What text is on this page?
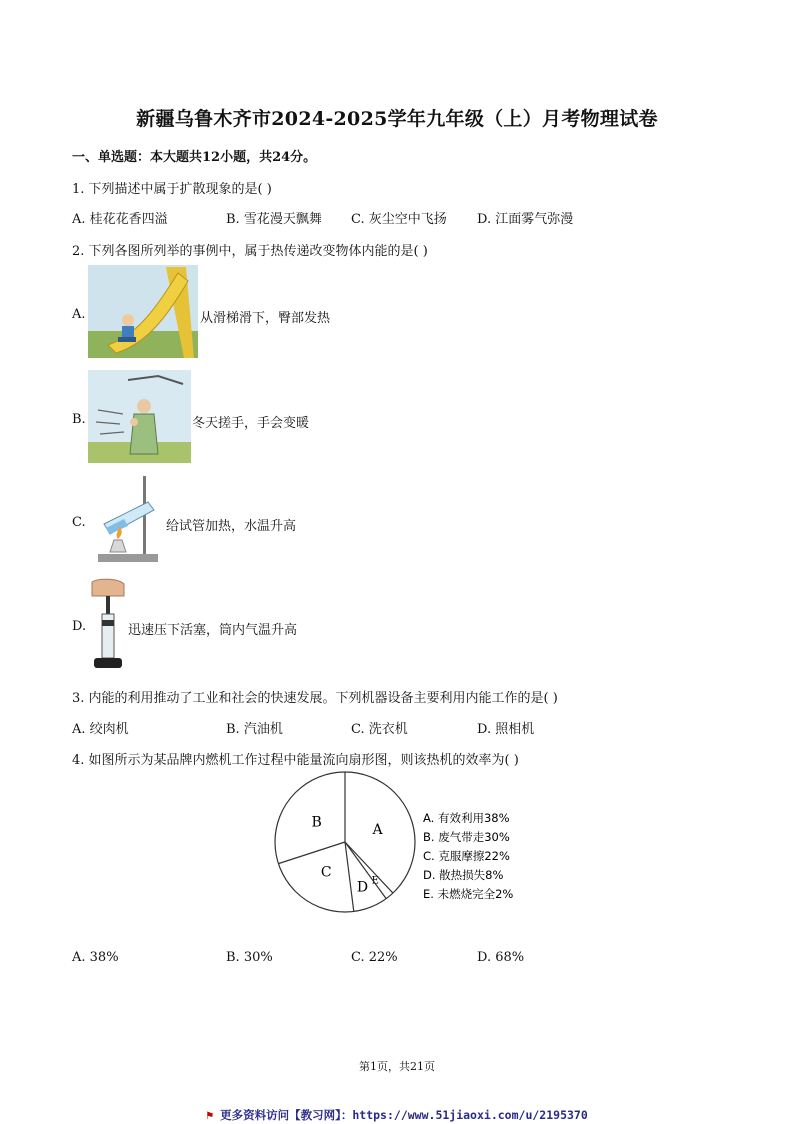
新疆乌鲁木齐市2024-2025学年九年级（上）月考物理试卷
一、单选题：本大题共12小题，共24分。
1. 下列描述中属于扩散现象的是( )
A. 桂花花香四溢	B. 雪花漫天飘舞 C. 灰尘空中飞扬 D. 江面雾气弥漫
2. 下列各图所列举的事例中，属于热传递改变物体内能的是( )
A.	从滑梯滑下，臀部发热
B.	冬天搓手，手会变暖
C.	给试管加热，水温升高
D.	迅速压下活塞，筒内气温升高
3. 内能的利用推动了工业和社会的快速发展。下列机器设备主要利用内能工作的是( )
A. 绞肉机	B. 汽油机	C. 洗衣机	D. 照相机
4. 如图所示为某品牌内燃机工作过程中能量流向扇形图，则该热机的效率为( )
A
E
D
C
B	A. 有效利用38%
B. 废气带走30%
C. 克服摩擦22%
D. 散热损失8%
E. 未燃烧完全2%
A. 38%	B. 30%	C. 22%	D. 68%
第1页，共21页
⚑ 更多资料访问【教习网】：https://www.51jiaoxi.com/u/2195370
